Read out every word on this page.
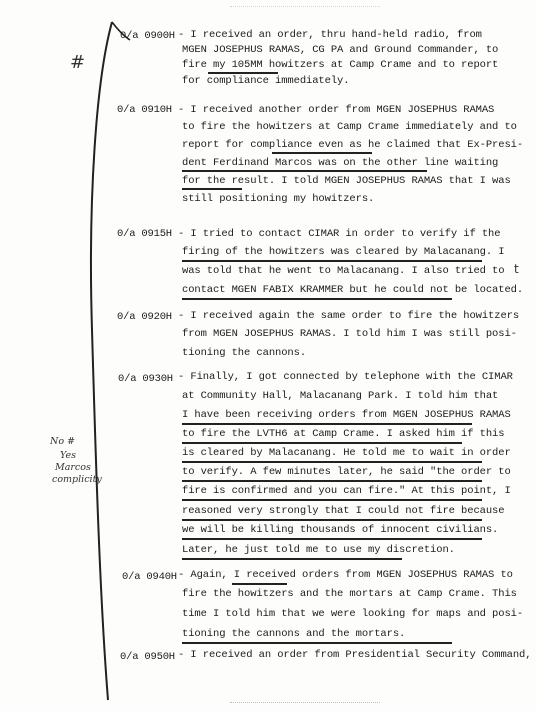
#
No #
Yes
Marcos
complicity
t
0/a 0900H - I received an order, thru hand-held radio, from
MGEN JOSEPHUS RAMAS, CG PA and Ground Commander, to
fire my 105MM howitzers at Camp Crame and to report
for compliance immediately.
0/a 0910H - I received another order from MGEN JOSEPHUS RAMAS
to fire the howitzers at Camp Crame immediately and to
report for compliance even as he claimed that Ex-Presi-
dent Ferdinand Marcos was on the other line waiting
for the result. I told MGEN JOSEPHUS RAMAS that I was
still positioning my howitzers.
0/a 0915H - I tried to contact CIMAR in order to verify if the
firing of the howitzers was cleared by Malacanang. I
was told that he went to Malacanang. I also tried to
contact MGEN FABIX KRAMMER but he could not be located.
0/a 0920H - I received again the same order to fire the howitzers
from MGEN JOSEPHUS RAMAS. I told him I was still posi-
tioning the cannons.
0/a 0930H - Finally, I got connected by telephone with the CIMAR
at Community Hall, Malacanang Park. I told him that
I have been receiving orders from MGEN JOSEPHUS RAMAS
to fire the LVTH6 at Camp Crame. I asked him if this
is cleared by Malacanang. He told me to wait in order
to verify. A few minutes later, he said "the order to
fire is confirmed and you can fire." At this point, I
reasoned very strongly that I could not fire because
we will be killing thousands of innocent civilians.
Later, he just told me to use my discretion.
0/a 0940H - Again, I received orders from MGEN JOSEPHUS RAMAS to
fire the howitzers and the mortars at Camp Crame. This
time I told him that we were looking for maps and posi-
tioning the cannons and the mortars.
0/a 0950H - I received an order from Presidential Security Command,
